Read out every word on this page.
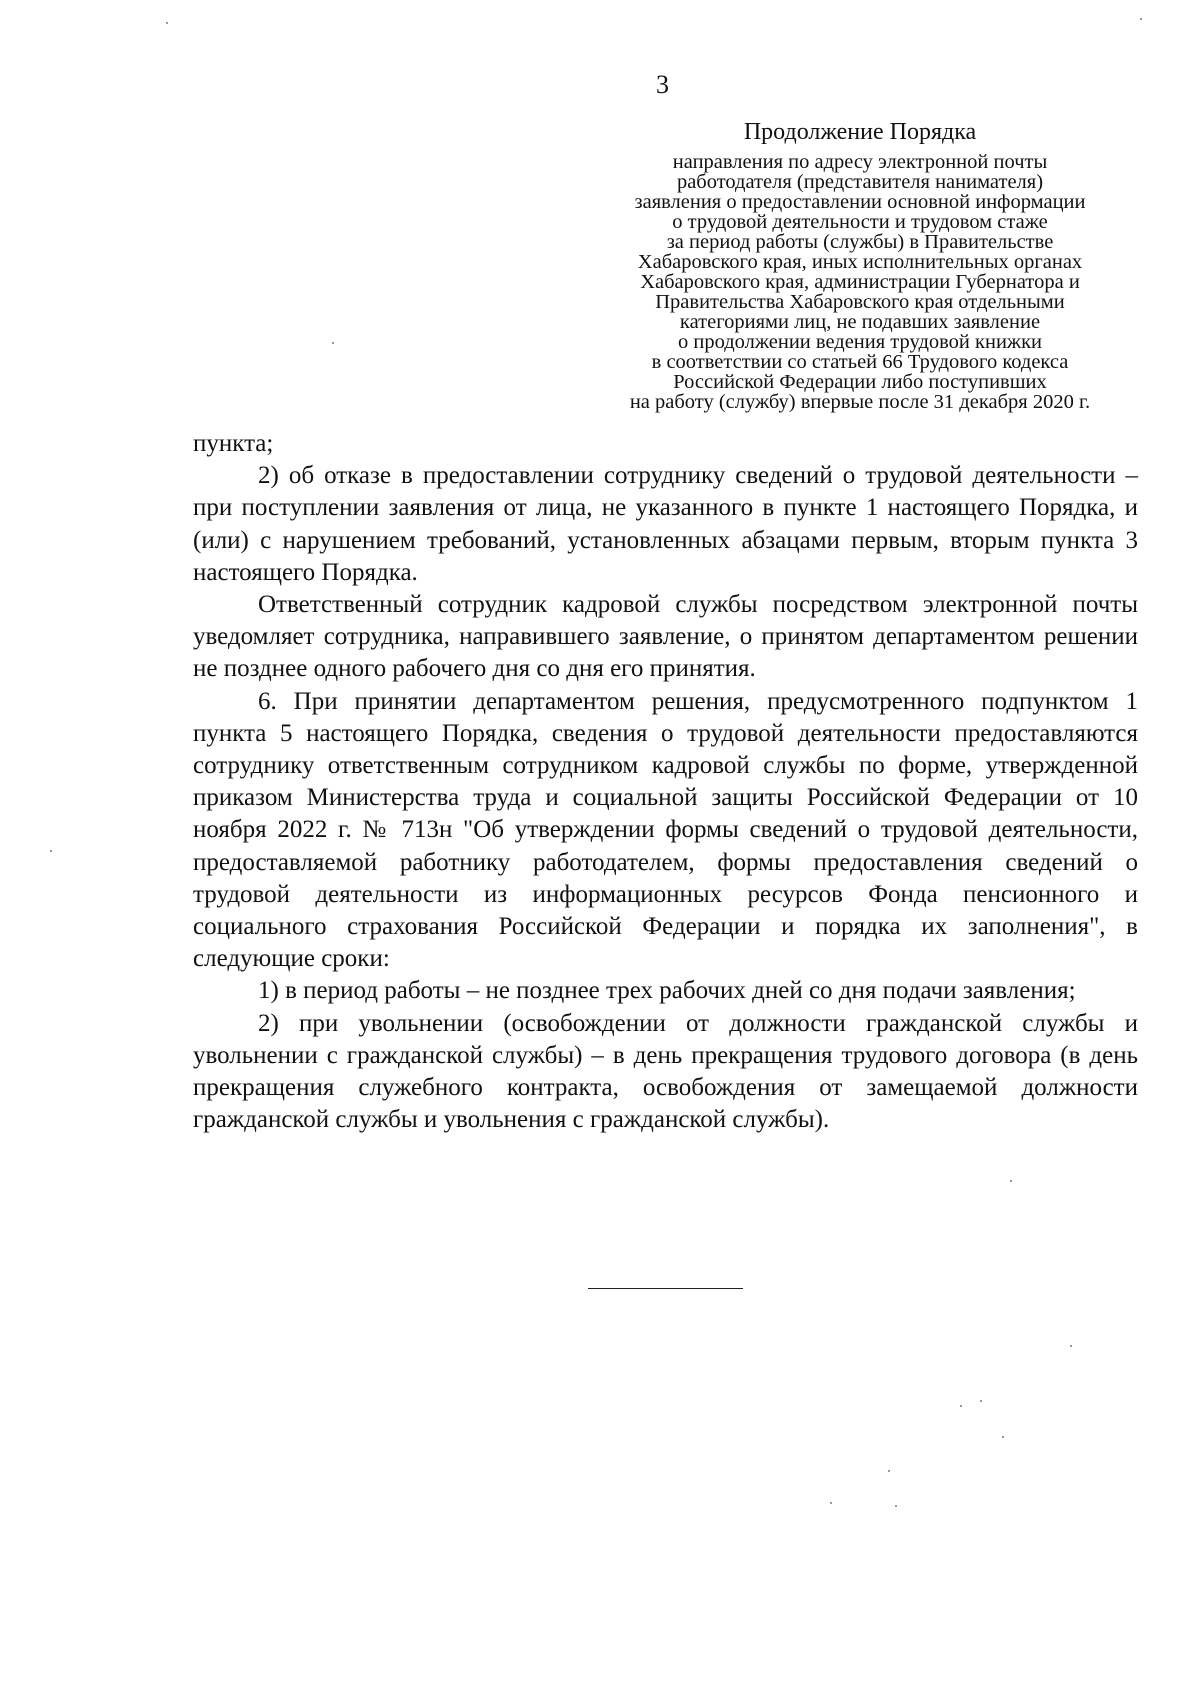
3
Продолжение Порядка
направления по адресу электронной почты
работодателя (представителя нанимателя)
заявления о предоставлении основной информации
о трудовой деятельности и трудовом стаже
за период работы (службы) в Правительстве
Хабаровского края, иных исполнительных органах
Хабаровского края, администрации Губернатора и
Правительства Хабаровского края отдельными
категориями лиц, не подавших заявление
о продолжении ведения трудовой книжки
в соответствии со статьей 66 Трудового кодекса
Российской Федерации либо поступивших
на работу (службу) впервые после 31 декабря 2020 г.

пункта;

2) об отказе в предоставлении сотруднику сведений о трудовой деятельности – при поступлении заявления от лица, не указанного в пункте 1 настоящего Порядка, и (или) с нарушением требований, установленных абзацами первым, вторым пункта 3 настоящего Порядка.

Ответственный сотрудник кадровой службы посредством электронной почты уведомляет сотрудника, направившего заявление, о принятом департаментом решении не позднее одного рабочего дня со дня его принятия.

6. При принятии департаментом решения, предусмотренного подпунктом 1 пункта 5 настоящего Порядка, сведения о трудовой деятельности предоставляются сотруднику ответственным сотрудником кадровой службы по форме, утвержденной приказом Министерства труда и социальной защиты Российской Федерации от 10 ноября 2022 г. № 713н "Об утверждении формы сведений о трудовой деятельности, предоставляемой работнику работодателем, формы предоставления сведений о трудовой деятельности из информационных ресурсов Фонда пенсионного и социального страхования Российской Федерации и порядка их заполнения", в следующие сроки:

1) в период работы – не позднее трех рабочих дней со дня подачи заявления;

2) при увольнении (освобождении от должности гражданской службы и увольнении с гражданской службы) – в день прекращения трудового договора (в день прекращения служебного контракта, освобождения от замещаемой должности гражданской службы и увольнения с гражданской службы).
